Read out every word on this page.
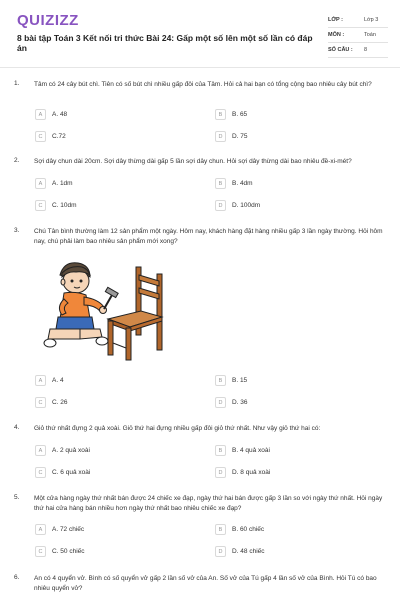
QUIZIZZ
8 bài tập Toán 3 Kết nối tri thức Bài 24: Gấp một số lên một số lần có đáp án
LỚP :	Lớp 3
MÔN :	Toán
SỐ CÂU : 8
1. Tâm có 24 cây bút chì. Tiên có số bút chì nhiều gấp đôi của Tâm. Hỏi cả hai bạn có tổng cộng bao nhiêu cây bút chì?
A	A. 48	B	B. 65
C	C.72	D	D. 75
2. Sợi dây chun dài 20cm. Sợi dây thừng dài gấp 5 lần sợi dây chun. Hỏi sợi dây thừng dài bao nhiêu đề-xi-mét?
A	A. 1dm	B	B. 4dm
C	C. 10dm	D	D. 100dm
3. Chú Tân bình thường làm 12 sản phẩm một ngày. Hôm nay, khách hàng đặt hàng nhiều gấp 3 lần ngày thường. Hỏi hôm nay, chú phải làm bao nhiêu sản phẩm mới xong?
A	A. 4	B	B. 15
C	C. 26	D	D. 36
4. Giỏ thứ nhất đựng 2 quả xoài. Giỏ thứ hai đựng nhiều gấp đôi giỏ thứ nhất. Như vậy giỏ thứ hai có:
A	A. 2 quả xoài	B	B. 4 quả xoài
C	C. 6 quả xoài	D	D. 8 quả xoài
5. Một cửa hàng ngày thứ nhất bán được 24 chiếc xe đạp, ngày thứ hai bán được gấp 3 lần so với ngày thứ nhất. Hỏi ngày thứ hai cửa hàng bán nhiều hơn ngày thứ nhất bao nhiêu chiếc xe đạp?
A	A. 72 chiếc	B	B. 60 chiếc
C	C. 50 chiếc	D	D. 48 chiếc
6. An có 4 quyển vở. Bình có số quyển vở gấp 2 lần số vở của An. Số vở của Tú gấp 4 lần số vở của Bình. Hỏi Tú có bao nhiêu quyển vở?
